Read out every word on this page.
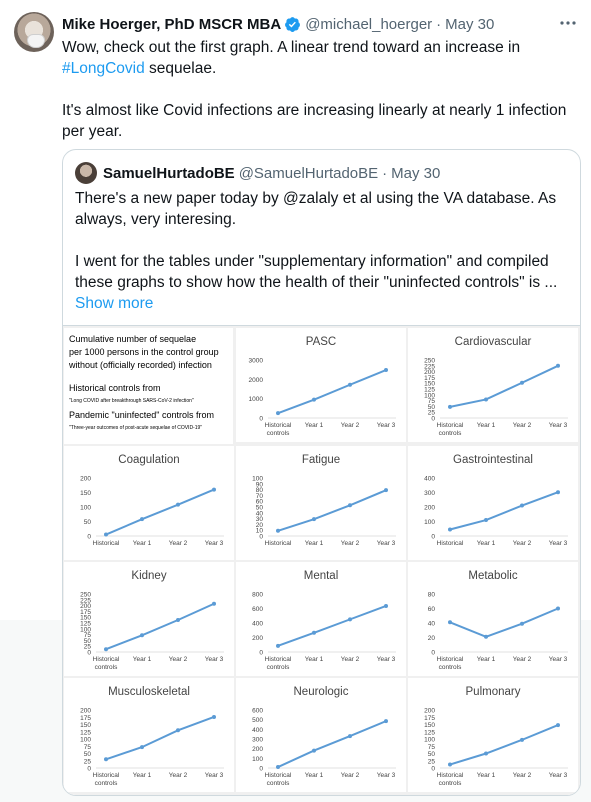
Mike Hoerger, PhD MSCR MBA @michael_hoerger · May 30

Wow, check out the first graph. A linear trend toward an increase in
#LongCovid sequelae.

It's almost like Covid infections are increasing linearly at nearly 1 infection per year.

SamuelHurtadoBE @SamuelHurtadoBE · May 30

There's a new paper today by @zalaly et al using the VA database. As always, very interesing.

I went for the tables under "supplementary information" and compiled these graphs to show how the health of their "uninfected controls" is ...

Show more
Cumulative number of sequelae
per 1000 persons in the control group
without (officially recorded) infection
Historical controls from
"Long COVID after breakthrough SARS-CoV-2 infection"
Pandemic "uninfected" controls from
"Three-year outcomes of post-acute sequelae of COVID-19"
PASC
0
1000
2000
3000
Historical controls
Year 1	Year 2	Year 3
Cardiovascular
0
25
50
75
100
125
150
175
200
225
250
Historical controls
Year 1	Year 2	Year 3
Coagulation
0
50
100
150
200
Historical Year 1	Year 2	Year 3
Fatigue
0
10
20
30
40
50
60
70
80
90
100
Historical Year 1	Year 2	Year 3
Gastrointestinal
0
100
200
300
400
Historical Year 1	Year 2	Year 3
Kidney
0
25
50
75
100
125
150
175
200
225
250
Historical controls
Year 1	Year 2	Year 3
Mental
0
200
400
600
800
Historical controls
Year 1	Year 2	Year 3
Metabolic
0
20
40
60
80
Historical controls
Year 1	Year 2	Year 3
Musculoskeletal
0
25
50
75
100
125
150
175
200
Historical controls
Year 1	Year 2	Year 3
Neurologic
0
100
200
300
400
500
600
Historical controls
Year 1	Year 2	Year 3
Pulmonary
0
25
50
75
100
125
150
175
200
Historical controls
Year 1	Year 2	Year 3
